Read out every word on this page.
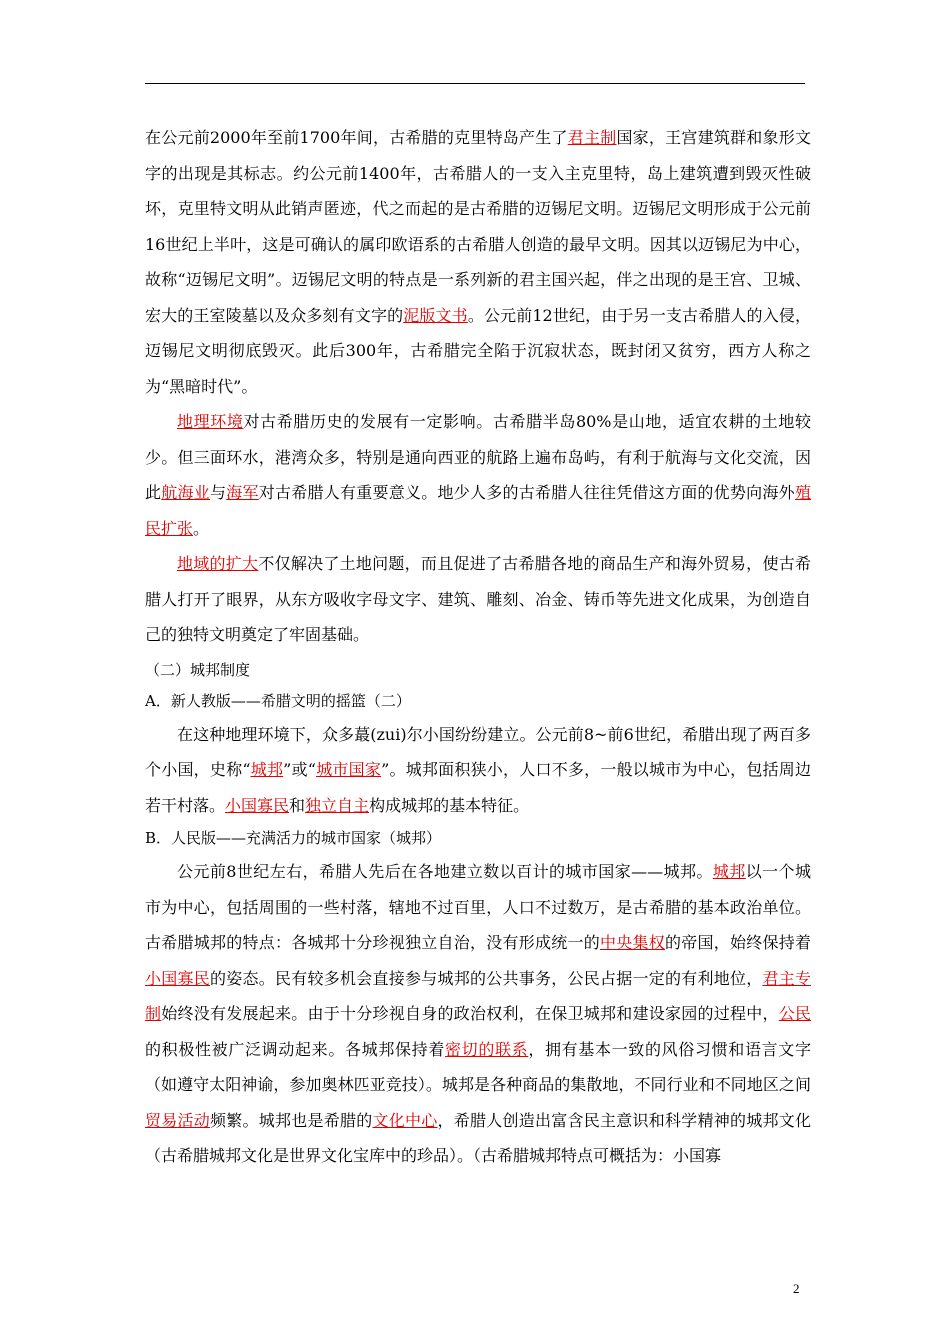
在公元前2000年至前1700年间，古希腊的克里特岛产生了君主制国家，王宫建筑群和象形文字的出现是其标志。约公元前1400年，古希腊人的一支入主克里特，岛上建筑遭到毁灭性破坏，克里特文明从此销声匿迹，代之而起的是古希腊的迈锡尼文明。迈锡尼文明形成于公元前16世纪上半叶，这是可确认的属印欧语系的古希腊人创造的最早文明。因其以迈锡尼为中心，故称“迈锡尼文明”。迈锡尼文明的特点是一系列新的君主国兴起，伴之出现的是王宫、卫城、宏大的王室陵墓以及众多刻有文字的泥版文书。公元前12世纪，由于另一支古希腊人的入侵，迈锡尼文明彻底毁灭。此后300年，古希腊完全陷于沉寂状态，既封闭又贫穷，西方人称之为“黑暗时代”。

地理环境对古希腊历史的发展有一定影响。古希腊半岛80%是山地，适宜农耕的土地较少。但三面环水，港湾众多，特别是通向西亚的航路上遍布岛屿，有利于航海与文化交流，因此航海业与海军对古希腊人有重要意义。地少人多的古希腊人往往凭借这方面的优势向海外殖民扩张。

地域的扩大不仅解决了土地问题，而且促进了古希腊各地的商品生产和海外贸易，使古希腊人打开了眼界，从东方吸收字母文字、建筑、雕刻、冶金、铸币等先进文化成果，为创造自己的独特文明奠定了牢固基础。

（二）城邦制度

A．新人教版——希腊文明的摇篮（二）

在这种地理环境下，众多蕞(zui)尔小国纷纷建立。公元前8~前6世纪，希腊出现了两百多个小国，史称“城邦”或“城市国家”。城邦面积狭小，人口不多，一般以城市为中心，包括周边若干村落。小国寡民和独立自主构成城邦的基本特征。

B．人民版——充满活力的城市国家（城邦）

公元前8世纪左右，希腊人先后在各地建立数以百计的城市国家——城邦。城邦以一个城市为中心，包括周围的一些村落，辖地不过百里，人口不过数万，是古希腊的基本政治单位。古希腊城邦的特点：各城邦十分珍视独立自治，没有形成统一的中央集权的帝国，始终保持着小国寡民的姿态。民有较多机会直接参与城邦的公共事务，公民占据一定的有利地位，君主专制始终没有发展起来。由于十分珍视自身的政治权利，在保卫城邦和建设家园的过程中，公民的积极性被广泛调动起来。各城邦保持着密切的联系，拥有基本一致的风俗习惯和语言文字（如遵守太阳神谕，参加奥林匹亚竞技）。城邦是各种商品的集散地，不同行业和不同地区之间贸易活动频繁。城邦也是希腊的文化中心，希腊人创造出富含民主意识和科学精神的城邦文化（古希腊城邦文化是世界文化宝库中的珍品）。（古希腊城邦特点可概括为：小国寡

2
